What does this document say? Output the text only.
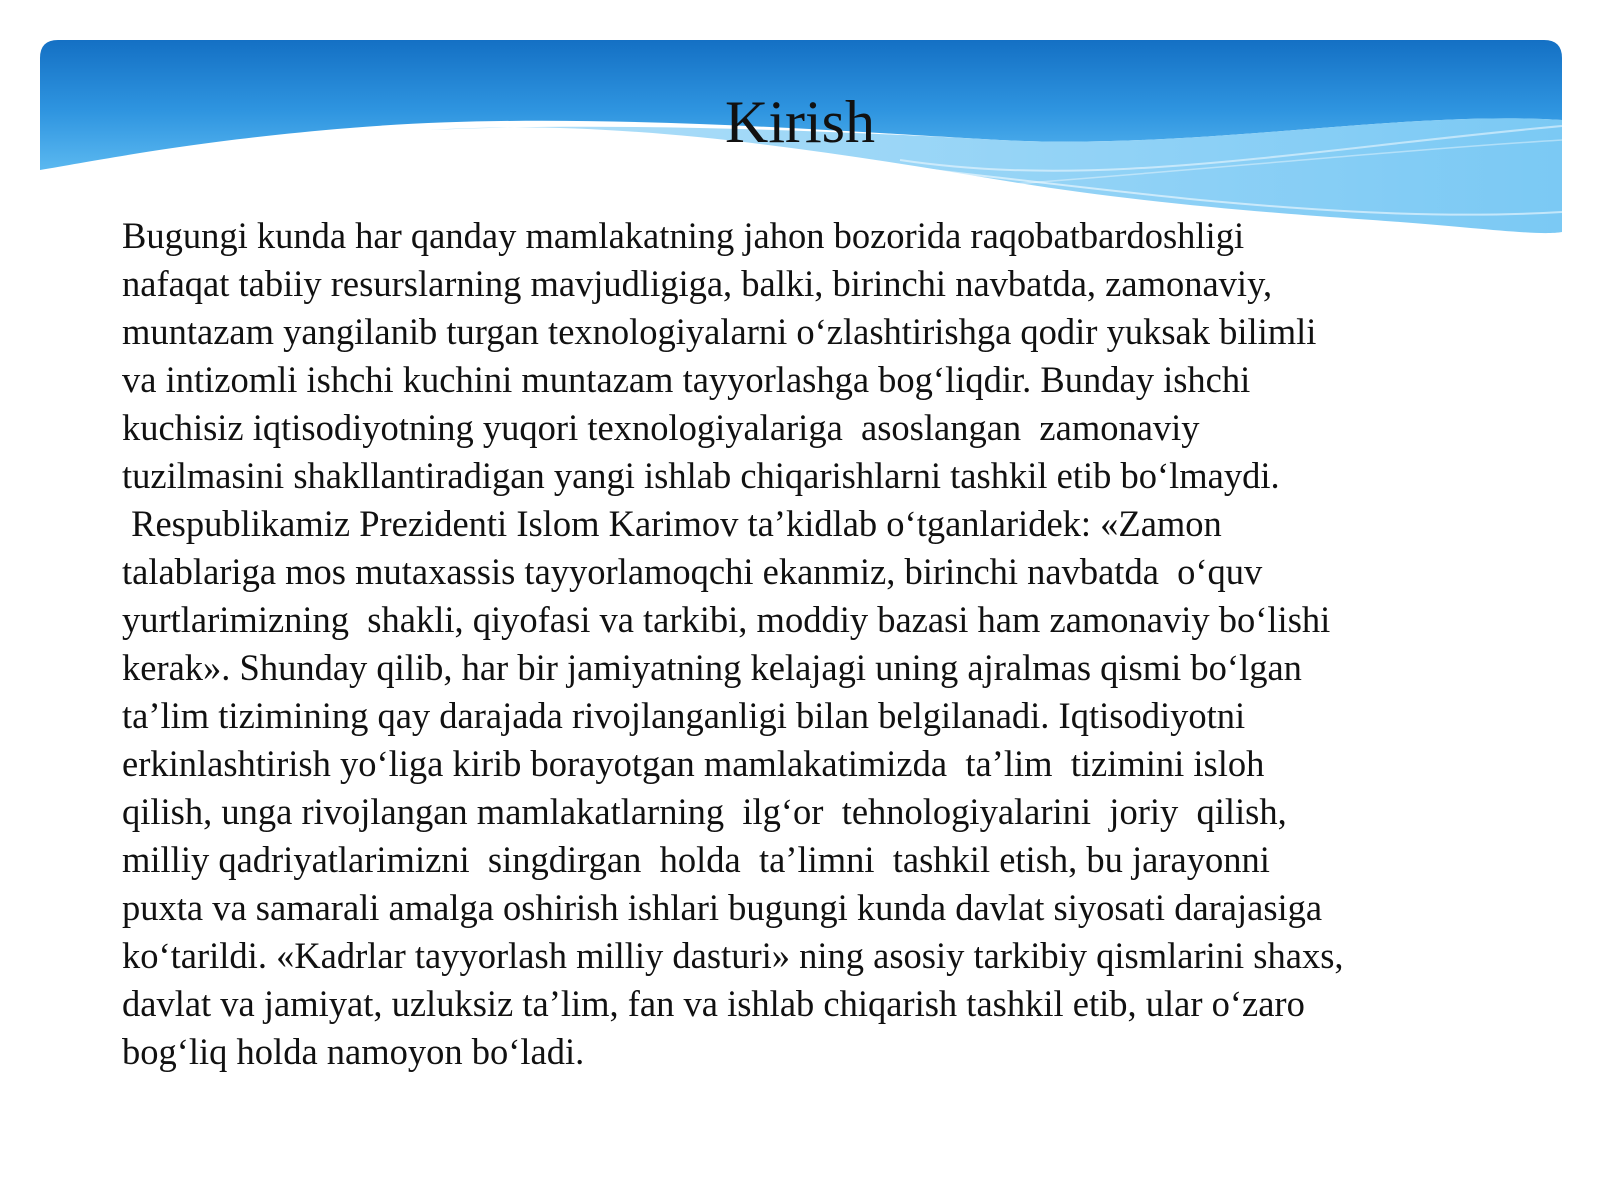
Kirish
Bugungi kunda har qanday mamlakatning jahon bozorida raqobatbardoshligi
nafaqat tabiiy resurslarning mavjudligiga, balki, birinchi navbatda, zamonaviy,
muntazam yangilanib turgan texnologiyalarni oʻzlashtirishga qodir yuksak bilimli
va intizomli ishchi kuchini muntazam tayyorlashga bogʻliqdir. Bunday ishchi
kuchisiz iqtisodiyotning yuqori texnologiyalariga  asoslangan  zamonaviy
tuzilmasini shakllantiradigan yangi ishlab chiqarishlarni tashkil etib boʻlmaydi.
Respublikamiz Prezidenti Islom Karimov ta’kidlab oʻtganlaridek: «Zamon
talablariga mos mutaxassis tayyorlamoqchi ekanmiz, birinchi navbatda  oʻquv
yurtlarimizning  shakli, qiyofasi va tarkibi, moddiy bazasi ham zamonaviy boʻlishi
kerak». Shunday qilib, har bir jamiyatning kelajagi uning ajralmas qismi boʻlgan
ta’lim tizimining qay darajada rivojlanganligi bilan belgilanadi. Iqtisodiyotni
erkinlashtirish yoʻliga kirib borayotgan mamlakatimizda  ta’lim  tizimini isloh
qilish, unga rivojlangan mamlakatlarning  ilgʻor  tehnologiyalarini  joriy  qilish,
milliy qadriyatlarimizni  singdirgan  holda  ta’limni  tashkil etish, bu jarayonni
puxta va samarali amalga oshirish ishlari bugungi kunda davlat siyosati darajasiga
koʻtarildi. «Kadrlar tayyorlash milliy dasturi» ning asosiy tarkibiy qismlarini shaxs,
davlat va jamiyat, uzluksiz ta’lim, fan va ishlab chiqarish tashkil etib, ular oʻzaro
bogʻliq holda namoyon boʻladi.
